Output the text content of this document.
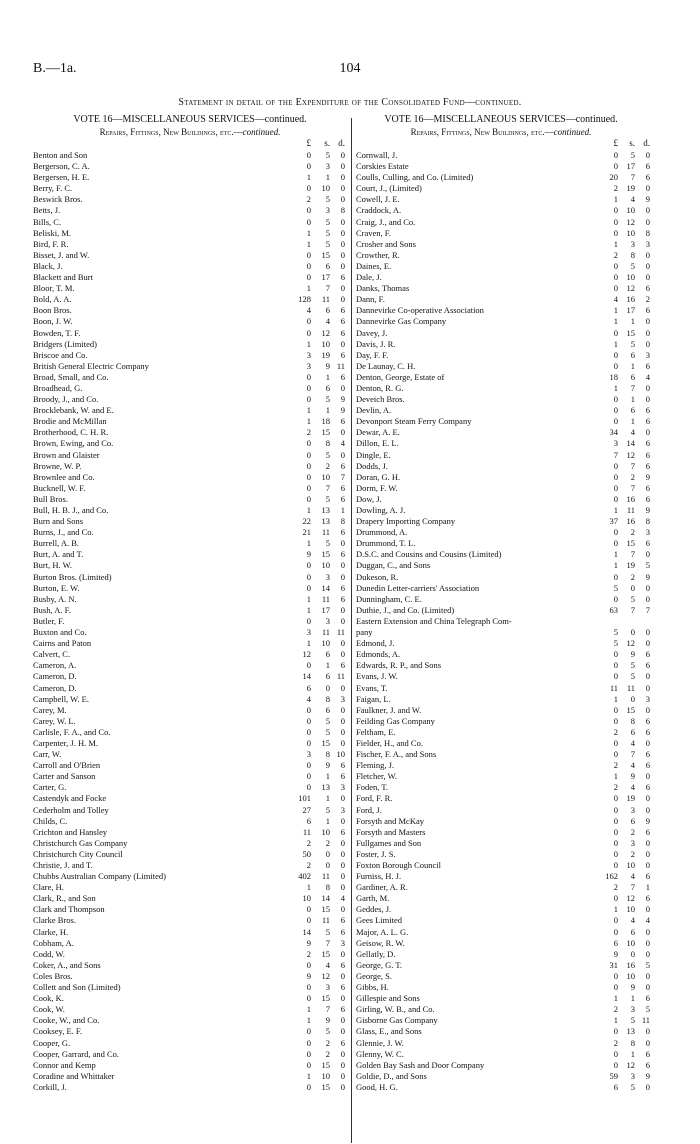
B.—1a.	104
Statement in detail of the Expenditure of the Consolidated Fund—continued.
VOTE 16—MISCELLANEOUS SERVICES—continued.
Repairs, Fittings, New Buildings, etc.—continued.
£	s. d.
Benton and Son	0	5	0
Bergerson, C. A.	0	3	0
Bergersen, H. E.	1	1	0
Berry, F. C.	0	10	0
Beswick Bros.	2	5	0
Betts, J.	0	3	8
Bills, C.	0	5	0
Beliski, M.	1	5	0
Bird, F. R.	1	5	0
Bisset, J. and W.	0	15	0
Black, J.	0	6	0
Blackett and Burt	0	17	6
Bloor, T. M.	1	7	0
Bold, A. A.	128	11	0
Boon Bros.	4	6	6
Boon, J. W.	0	4	6
Bowden, T. F.	0	12	6
Bridgers (Limited)	1	10	0
Briscoe and Co.	3	19	6
British General Electric Company	3	9 11
Broad, Small, and Co.	0	1	6
Broadhead, G.	0	6	0
Broody, J., and Co.	0	5	9
Brocklebank, W. and E.	1	1	9
Brodie and McMillan	1	18	6
Brotherhood, C. H. R.	2	15	0
Brown, Ewing, and Co.	0	8	4
Brown and Glaister	0	5	0
Browne, W. P.	0	2	6
Brownlee and Co.	0	10	7
Bucknell, W. F.	0	7	6
Bull Bros.	0	5	6
Bull, H. B. J., and Co.	1	13	1
Burn and Sons	22	13	8
Burns, J., and Co.	21	11	6
Burrell, A. B.	1	5	0
Burt, A. and T.	9	15	6
Burt, H. W.	0	10	0
Burton Bros. (Limited)	0	3	0
Burton, E. W.	0	14	6
Busby, A. N.	1	11	6
Bush, A. F.	1	17	0
Butler, F.	0	3	0
Buxton and Co.	3	11 11
Cairns and Paton	1	10	0
Calvert, C.	12	6	0
Cameron, A.	0	1	6
Cameron, D.	14	6 11
Cameron, D.	6	0	0
Campbell, W. E.	4	8	3
Carey, M.	0	6	0
Carey, W. L.	0	5	0
Carlisle, F. A., and Co.	0	5	0
Carpenter, J. H. M.	0	15	0
Carr, W.	3	8 10
Carroll and O'Brien	0	9	6
Carter and Sanson	0	1	6
Carter, G.	0	13	3
Castendyk and Focke	101	1	0
Cederholm and Tolley	27	5	3
Childs, C.	6	1	0
Crichton and Hansley	11	10	6
Christchurch Gas Company	2	2	0
Christchurch City Council	50	0	0
Christie, J. and T.	2	0	0
Chubbs Australian Company (Limited)	402	11	0
Clare, H.	1	8	0
Clark, R., and Son	10	14	4
Clark and Thompson	0	15	0
Clarke Bros.	0	11	6
Clarke, H.	14	5	6
Cobham, A.	9	7	3
Codd, W.	2	15	0
Coker, A., and Sons	0	4	6
Coles Bros.	9	12	0
Collett and Son (Limited)	0	3	6
Cook, K.	0	15	0
Cook, W.	1	7	6
Cooke, W., and Co.	1	9	0
Cooksey, E. F.	0	5	0
Cooper, G.	0	2	6
Cooper, Garrard, and Co.	0	2	0
Connor and Kemp	0	15	0
Coradine and Whittaker	1	10	0
Corkill, J.	0	15	0
VOTE 16—MISCELLANEOUS SERVICES—continued.
Repairs, Fittings, New Buildings, etc.—continued.
£	s. d.
Cornwall, J.	0	5	0
Corskies Estate	0	17	6
Coulls, Culling, and Co. (Limited)	20	7	6
Court, J., (Limited)	2	19	0
Cowell, J. E.	1	4	9
Craddock, A.	0	10	0
Craig, J., and Co.	0	12	0
Craven, F.	0	10	8
Crosher and Sons	1	3	3
Crowther, R.	2	8	0
Daines, E.	0	5	0
Dale, J.	0	10	0
Danks, Thomas	0	12	6
Dann, F.	4	16	2
Dannevirke Co-operative Association	1	17	6
Dannevirke Gas Company	1	1	0
Davey, J.	0	15	0
Davis, J. R.	1	5	0
Day, F. F.	0	6	3
De Launay, C. H.	0	1	6
Denton, George, Estate of	18	6	4
Denton, R. G.	1	7	0
Deveich Bros.	0	1	0
Devlin, A.	0	6	6
Devonport Steam Ferry Company	0	1	6
Dewar, A. E.	34	4	0
Dillon, E. L.	3	14	6
Dingle, E.	7	12	6
Dodds, J.	0	7	6
Doran, G. H.	0	2	9
Dorm, F. W.	0	7	6
Dow, J.	0	16	6
Dowling, A. J.	1	11	9
Drapery Importing Company	37	16	8
Drummond, A.	0	2	3
Drummond, T. L.	0	15	6
D.S.C. and Cousins and Cousins (Limited)	1	7	0
Duggan, C., and Sons	1	19	5
Dukeson, R.	0	2	9
Dunedin Letter-carriers' Association	5	0	0
Dunningham, C. E.	0	5	0
Duthie, J., and Co. (Limited)	63	7	7
Eastern Extension and China Telegraph Com-
pany	5	0	0
Edmond, J.	5	12	0
Edmonds, A.	0	9	6
Edwards, R. P., and Sons	0	5	6
Evans, J. W.	0	5	0
Evans, T.	11	11	0
Faigan, L.	1	0	3
Faulkner, J. and W.	0	15	0
Feilding Gas Company	0	8	6
Feltham, E.	2	6	6
Fielder, H., and Co.	0	4	0
Fischer, F. A., and Sons	0	7	6
Fleming, J.	2	4	6
Fletcher, W.	1	9	0
Foden, T.	2	4	6
Ford, F. R.	0	19	0
Ford, J.	0	3	0
Forsyth and McKay	0	6	9
Forsyth and Masters	0	2	6
Fullgames and Son	0	3	0
Foster, J. S.	0	2	0
Foxton Borough Council	0	10	0
Furniss, H. J.	162	4	6
Gardiner, A. R.	2	7	1
Garth, M.	0	12	6
Geddes, J.	1	10	0
Gees Limited	0	4	4
Major, A. L. G.	0	6	0
Geisow, R. W.	6	10	0
Gellatly, D.	9	0	0
George, G. T.	31	16	5
George, S.	0	10	0
Gibbs, H.	0	9	0
Gillespie and Sons	1	1	6
Girling, W. B., and Co.	2	3	5
Gisborne Gas Company	1	5 11
Glass, E., and Sons	0	13	0
Glennie, J. W.	2	8	0
Glenny, W. C.	0	1	6
Golden Bay Sash and Door Company	0	12	6
Goldie, D., and Sons	59	3	9
Good, H. G.	6	5	0
